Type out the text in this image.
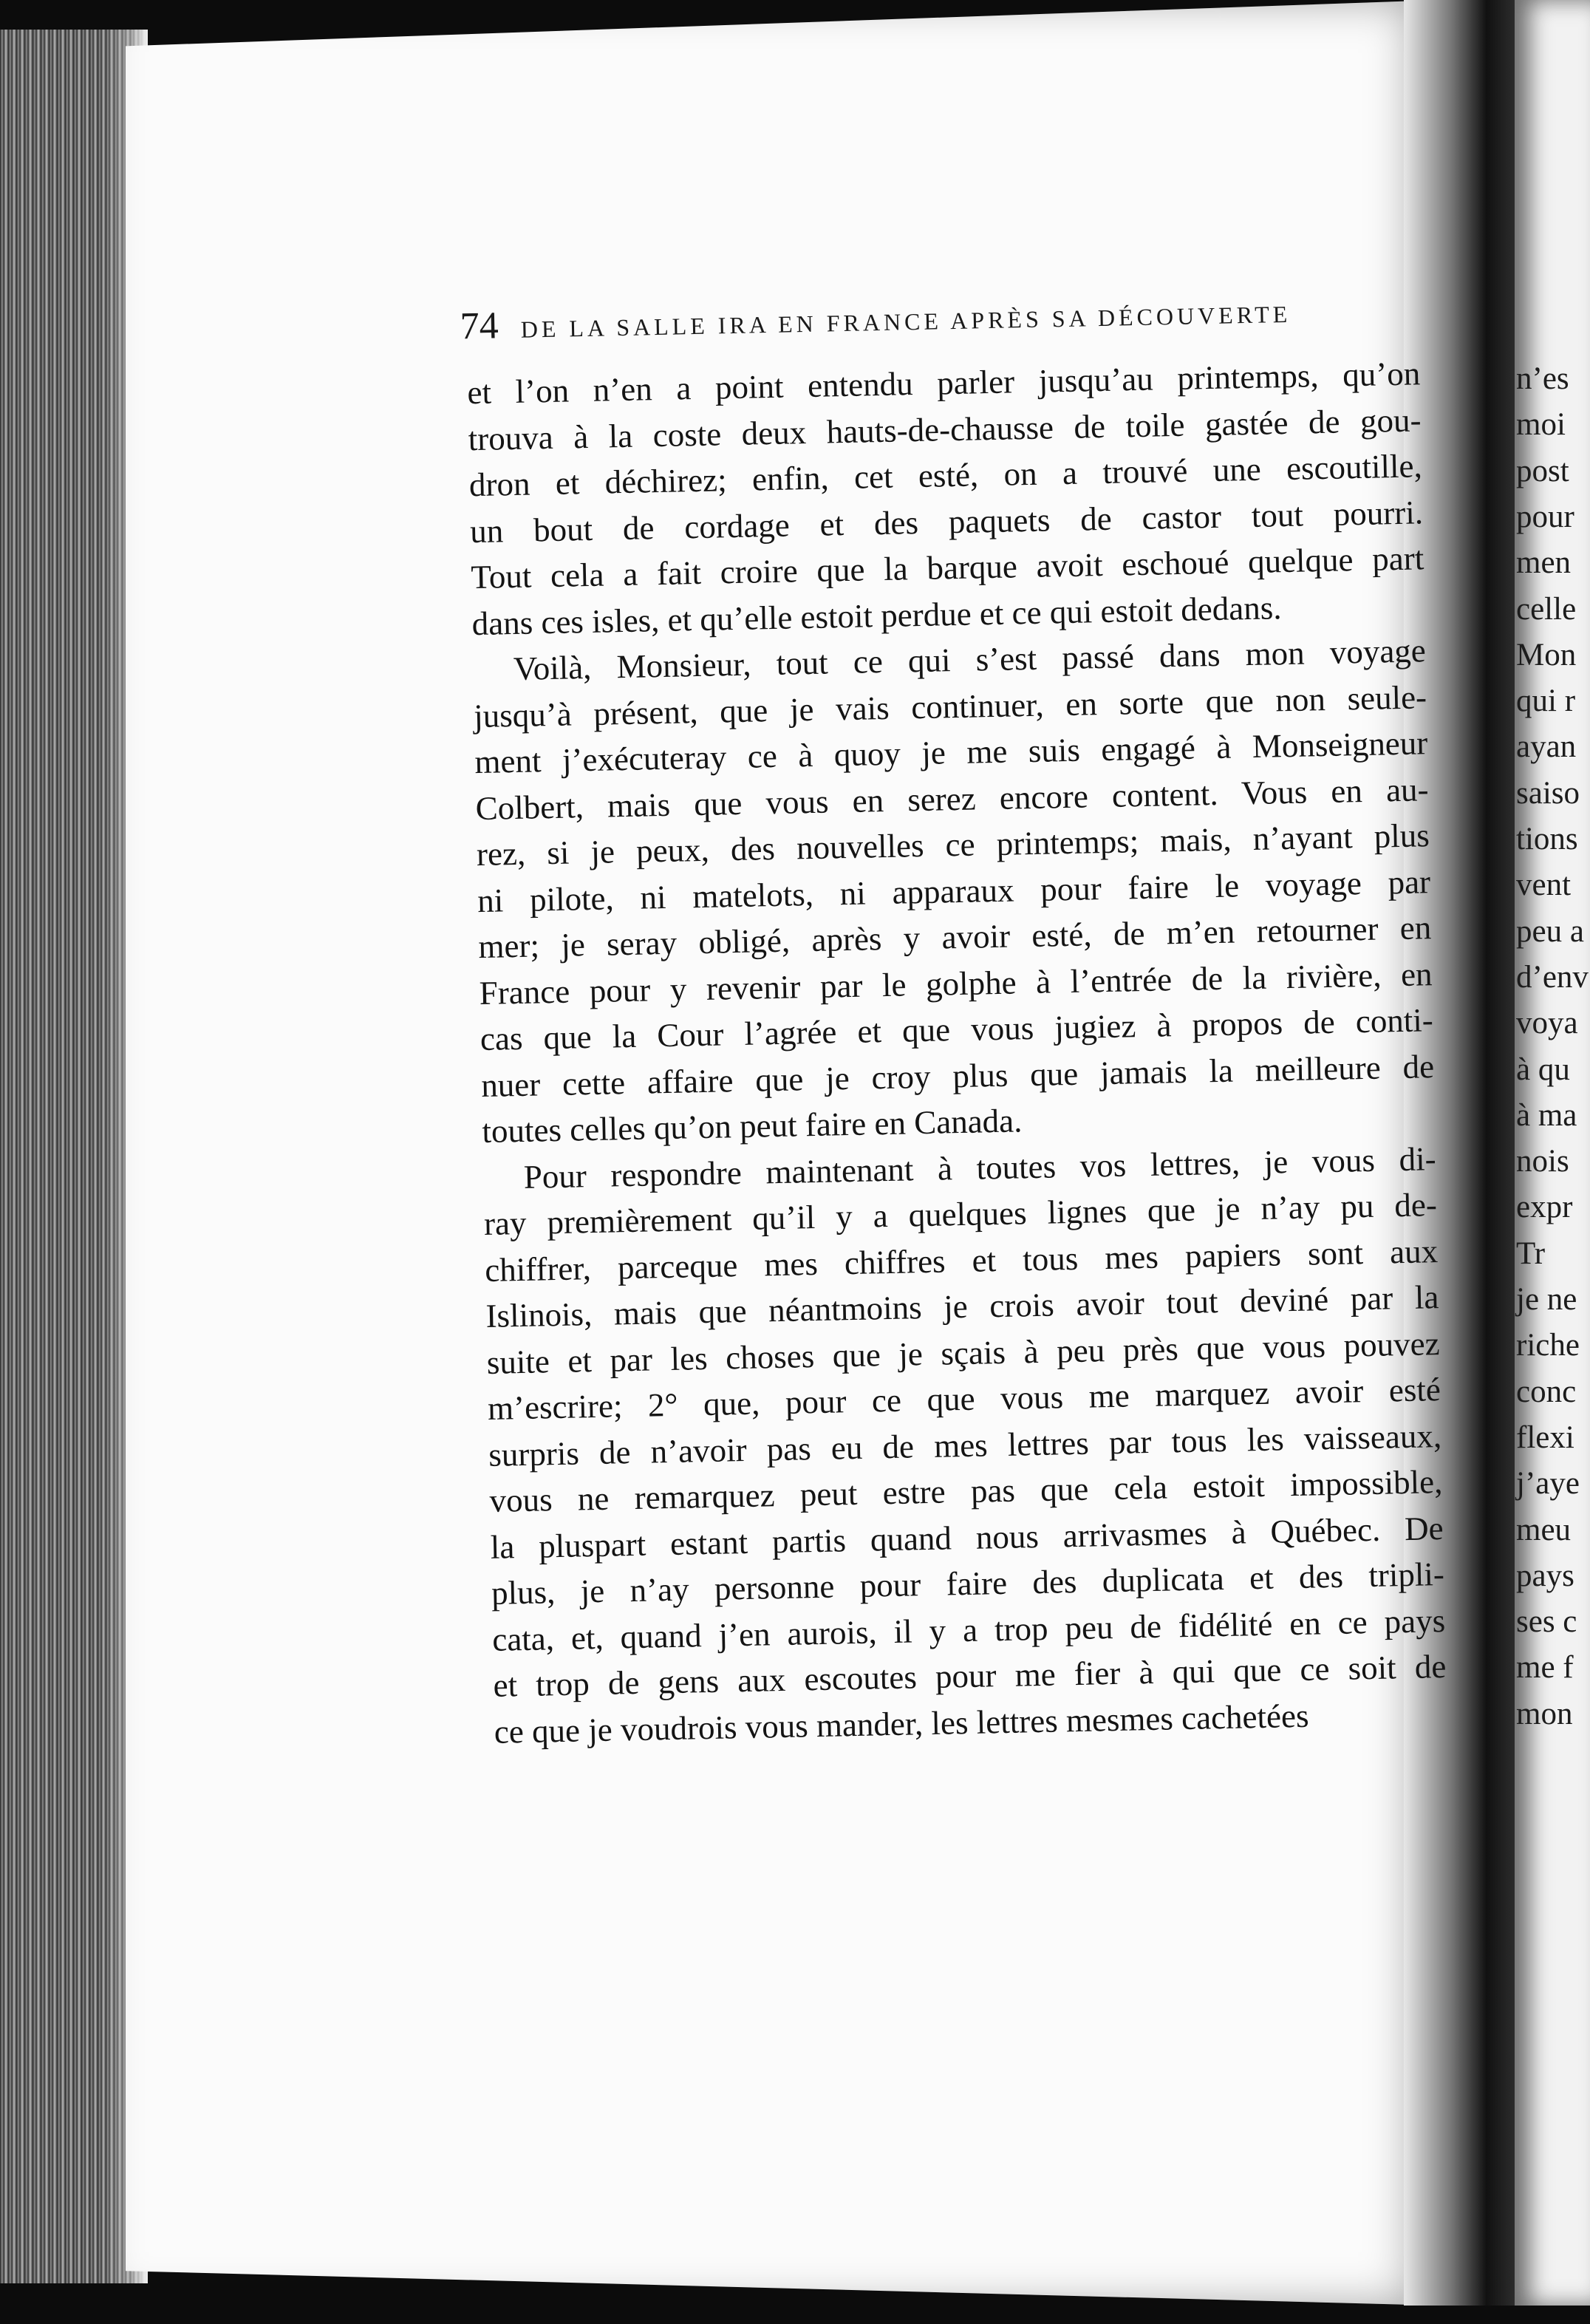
n’es
moi
post
pour
men
celle
Mon
qui r
ayan
saiso
tions
vent
peu a
d’env
voya
à qu
à ma
nois
expr
Tr
je ne
riche
conc
flexi
j’aye
meu
pays
ses c
me f
mon
74 DE LA SALLE IRA EN FRANCE APRÈS SA DÉCOUVERTE
et l’on n’en a point entendu parler jusqu’au printemps, qu’on
trouva à la coste deux hauts-de-chausse de toile gastée de gou-
dron et déchirez; enfin, cet esté, on a trouvé une escoutille,
un bout de cordage et des paquets de castor tout pourri.
Tout cela a fait croire que la barque avoit eschoué quelque part
dans ces isles, et qu’elle estoit perdue et ce qui estoit dedans.
Voilà, Monsieur, tout ce qui s’est passé dans mon voyage
jusqu’à présent, que je vais continuer, en sorte que non seule-
ment j’exécuteray ce à quoy je me suis engagé à Monseigneur
Colbert, mais que vous en serez encore content. Vous en au-
rez, si je peux, des nouvelles ce printemps; mais, n’ayant plus
ni pilote, ni matelots, ni apparaux pour faire le voyage par
mer; je seray obligé, après y avoir esté, de m’en retourner en
France pour y revenir par le golphe à l’entrée de la rivière, en
cas que la Cour l’agrée et que vous jugiez à propos de conti-
nuer cette affaire que je croy plus que jamais la meilleure de
toutes celles qu’on peut faire en Canada.
Pour respondre maintenant à toutes vos lettres, je vous di-
ray premièrement qu’il y a quelques lignes que je n’ay pu de-
chiffrer, parceque mes chiffres et tous mes papiers sont aux
Islinois, mais que néantmoins je crois avoir tout deviné par la
suite et par les choses que je sçais à peu près que vous pouvez
m’escrire; 2° que, pour ce que vous me marquez avoir esté
surpris de n’avoir pas eu de mes lettres par tous les vaisseaux,
vous ne remarquez peut estre pas que cela estoit impossible,
la pluspart estant partis quand nous arrivasmes à Québec. De
plus, je n’ay personne pour faire des duplicata et des tripli-
cata, et, quand j’en aurois, il y a trop peu de fidélité en ce pays
et trop de gens aux escoutes pour me fier à qui que ce soit de
ce que je voudrois vous mander, les lettres mesmes cachetées
